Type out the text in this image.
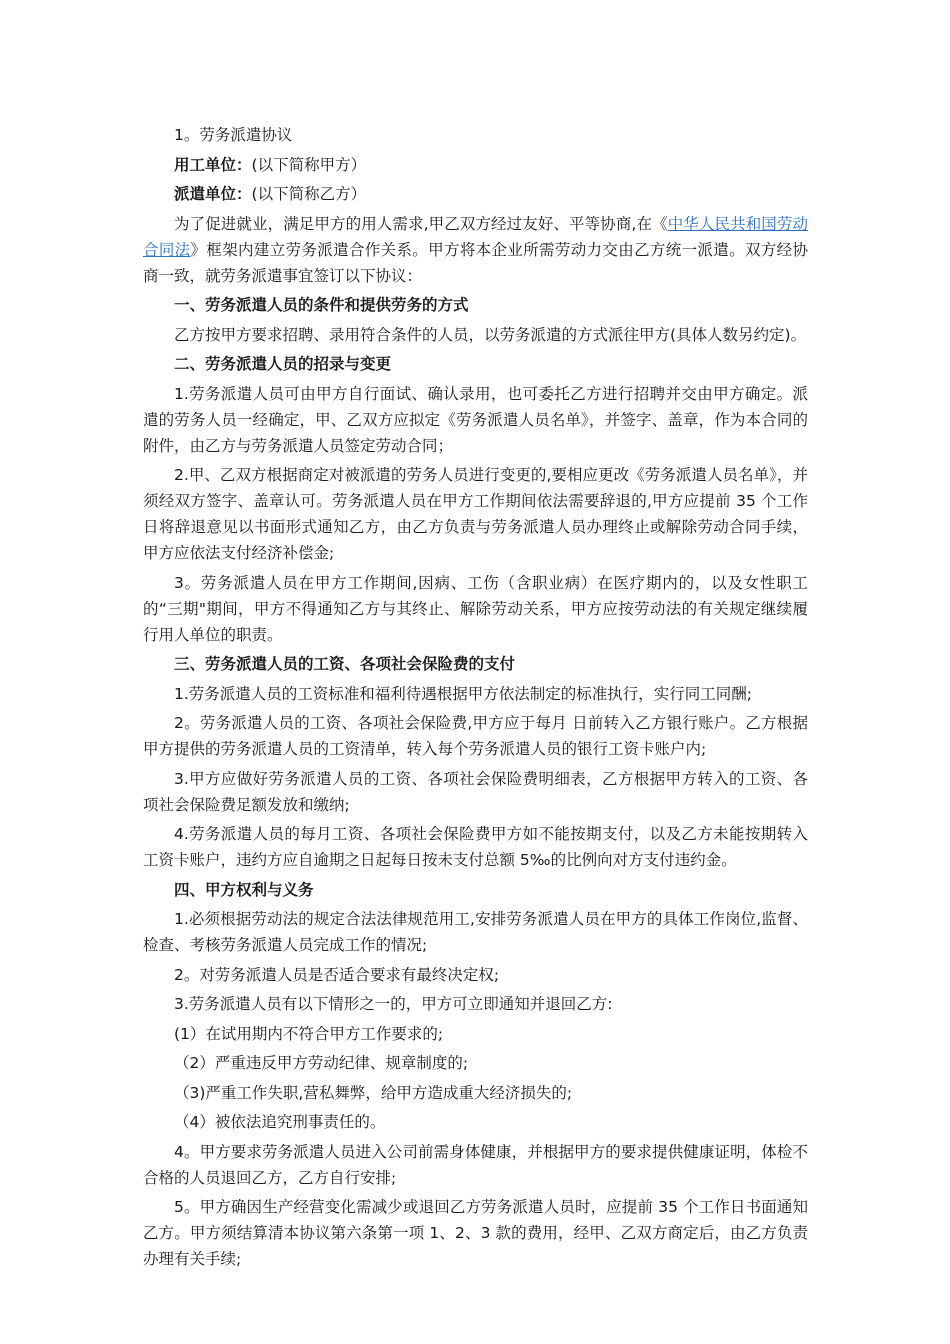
1。劳务派遣协议

用工单位：(以下简称甲方）

派遣单位：(以下简称乙方）

为了促进就业，满足甲方的用人需求,甲乙双方经过友好、平等协商,在《中华人民共和国劳动合同法》框架内建立劳务派遣合作关系。甲方将本企业所需劳动力交由乙方统一派遣。双方经协商一致，就劳务派遣事宜签订以下协议：

一、劳务派遣人员的条件和提供劳务的方式

乙方按甲方要求招聘、录用符合条件的人员，以劳务派遣的方式派往甲方(具体人数另约定)。

二、劳务派遣人员的招录与变更

1.劳务派遣人员可由甲方自行面试、确认录用，也可委托乙方进行招聘并交由甲方确定。派遣的劳务人员一经确定，甲、乙双方应拟定《劳务派遣人员名单》，并签字、盖章，作为本合同的附件，由乙方与劳务派遣人员签定劳动合同；

2.甲、乙双方根据商定对被派遣的劳务人员进行变更的,要相应更改《劳务派遣人员名单》，并须经双方签字、盖章认可。劳务派遣人员在甲方工作期间依法需要辞退的,甲方应提前 35 个工作日将辞退意见以书面形式通知乙方，由乙方负责与劳务派遣人员办理终止或解除劳动合同手续，甲方应依法支付经济补偿金;

3。劳务派遣人员在甲方工作期间,因病、工伤（含职业病）在医疗期内的，以及女性职工的“三期"期间，甲方不得通知乙方与其终止、解除劳动关系，甲方应按劳动法的有关规定继续履行用人单位的职责。

三、劳务派遣人员的工资、各项社会保险费的支付

1.劳务派遣人员的工资标准和福利待遇根据甲方依法制定的标准执行，实行同工同酬;

2。劳务派遣人员的工资、各项社会保险费,甲方应于每月 日前转入乙方银行账户。乙方根据甲方提供的劳务派遣人员的工资清单，转入每个劳务派遣人员的银行工资卡账户内;

3.甲方应做好劳务派遣人员的工资、各项社会保险费明细表，乙方根据甲方转入的工资、各项社会保险费足额发放和缴纳;

4.劳务派遣人员的每月工资、各项社会保险费甲方如不能按期支付，以及乙方未能按期转入工资卡账户，违约方应自逾期之日起每日按未支付总额 5‰的比例向对方支付违约金。

四、甲方权利与义务

1.必须根据劳动法的规定合法法律规范用工,安排劳务派遣人员在甲方的具体工作岗位,监督、检查、考核劳务派遣人员完成工作的情况;

2。对劳务派遣人员是否适合要求有最终决定权;

3.劳务派遣人员有以下情形之一的，甲方可立即通知并退回乙方:

(1）在试用期内不符合甲方工作要求的;

（2）严重违反甲方劳动纪律、规章制度的;

（3)严重工作失职,营私舞弊，给甲方造成重大经济损失的;

（4）被依法追究刑事责任的。

4。甲方要求劳务派遣人员进入公司前需身体健康，并根据甲方的要求提供健康证明，体检不合格的人员退回乙方，乙方自行安排;

5。甲方确因生产经营变化需减少或退回乙方劳务派遣人员时，应提前 35 个工作日书面通知乙方。甲方须结算清本协议第六条第一项 1、2、3 款的费用，经甲、乙双方商定后，由乙方负责办理有关手续;
